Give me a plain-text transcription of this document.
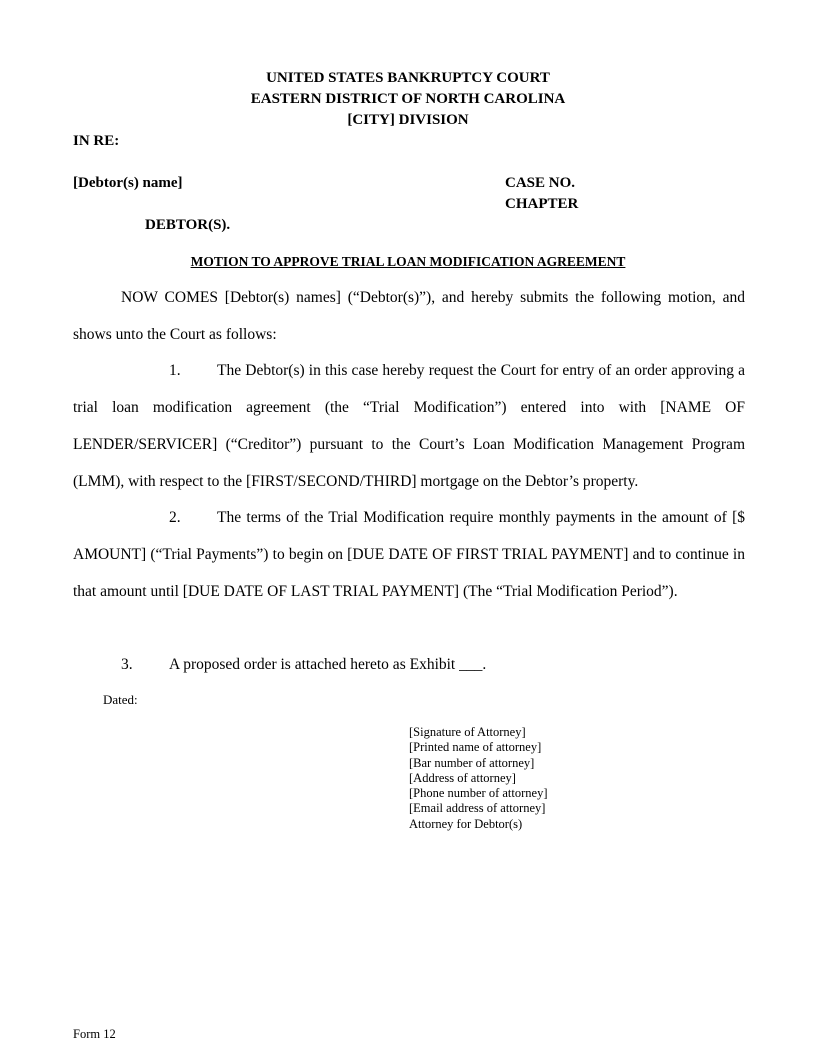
UNITED STATES BANKRUPTCY COURT
EASTERN DISTRICT OF NORTH CAROLINA
[CITY] DIVISION
IN RE:
[Debtor(s) name]	CASE NO.
CHAPTER
DEBTOR(S).
MOTION TO APPROVE TRIAL LOAN MODIFICATION AGREEMENT
NOW COMES [Debtor(s) names] (“Debtor(s)”), and hereby submits the following motion, and shows unto the Court as follows:
1. The Debtor(s) in this case hereby request the Court for entry of an order approving a trial loan modification agreement (the “Trial Modification”) entered into with [NAME OF LENDER/SERVICER] (“Creditor”) pursuant to the Court’s Loan Modification Management Program (LMM), with respect to the [FIRST/SECOND/THIRD] mortgage on the Debtor’s property.
2. The terms of the Trial Modification require monthly payments in the amount of [$ AMOUNT] (“Trial Payments”) to begin on [DUE DATE OF FIRST TRIAL PAYMENT] and to continue in that amount until [DUE DATE OF LAST TRIAL PAYMENT] (The “Trial Modification Period”).
3. A proposed order is attached hereto as Exhibit ___.
Dated:
[Signature of Attorney]
[Printed name of attorney]
[Bar number of attorney]
[Address of attorney]
[Phone number of attorney]
[Email address of attorney]
Attorney for Debtor(s)
Form 12
